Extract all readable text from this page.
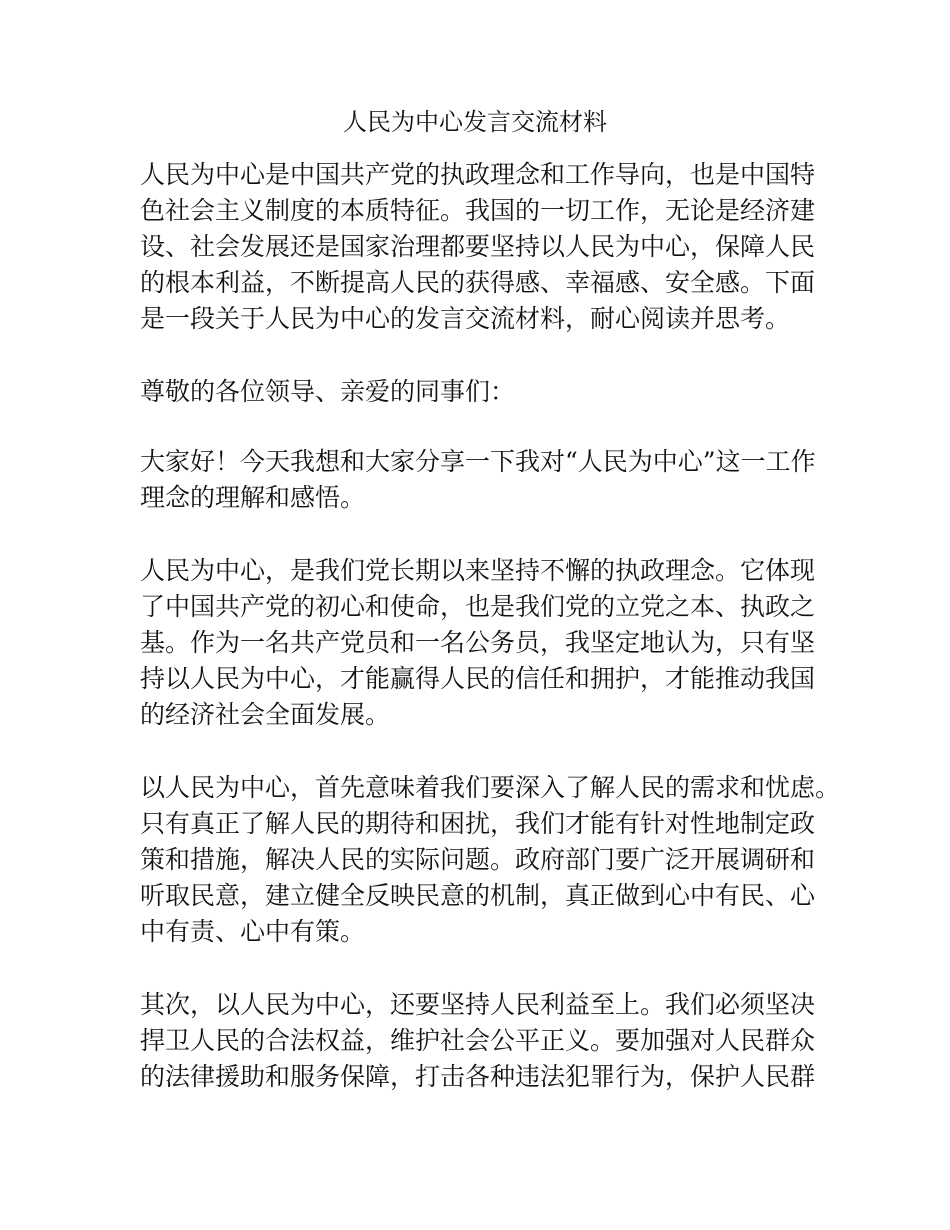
人民为中心发言交流材料
人民为中心是中国共产党的执政理念和工作导向，也是中国特
色社会主义制度的本质特征。我国的一切工作，无论是经济建
设、社会发展还是国家治理都要坚持以人民为中心，保障人民
的根本利益，不断提高人民的获得感、幸福感、安全感。下面
是一段关于人民为中心的发言交流材料，耐心阅读并思考。
尊敬的各位领导、亲爱的同事们：
大家好！今天我想和大家分享一下我对“人民为中心”这一工作
理念的理解和感悟。
人民为中心，是我们党长期以来坚持不懈的执政理念。它体现
了中国共产党的初心和使命，也是我们党的立党之本、执政之
基。作为一名共产党员和一名公务员，我坚定地认为，只有坚
持以人民为中心，才能赢得人民的信任和拥护，才能推动我国
的经济社会全面发展。
以人民为中心，首先意味着我们要深入了解人民的需求和忧虑。
只有真正了解人民的期待和困扰，我们才能有针对性地制定政
策和措施，解决人民的实际问题。政府部门要广泛开展调研和
听取民意，建立健全反映民意的机制，真正做到心中有民、心
中有责、心中有策。
其次，以人民为中心，还要坚持人民利益至上。我们必须坚决
捍卫人民的合法权益，维护社会公平正义。要加强对人民群众
的法律援助和服务保障，打击各种违法犯罪行为，保护人民群
